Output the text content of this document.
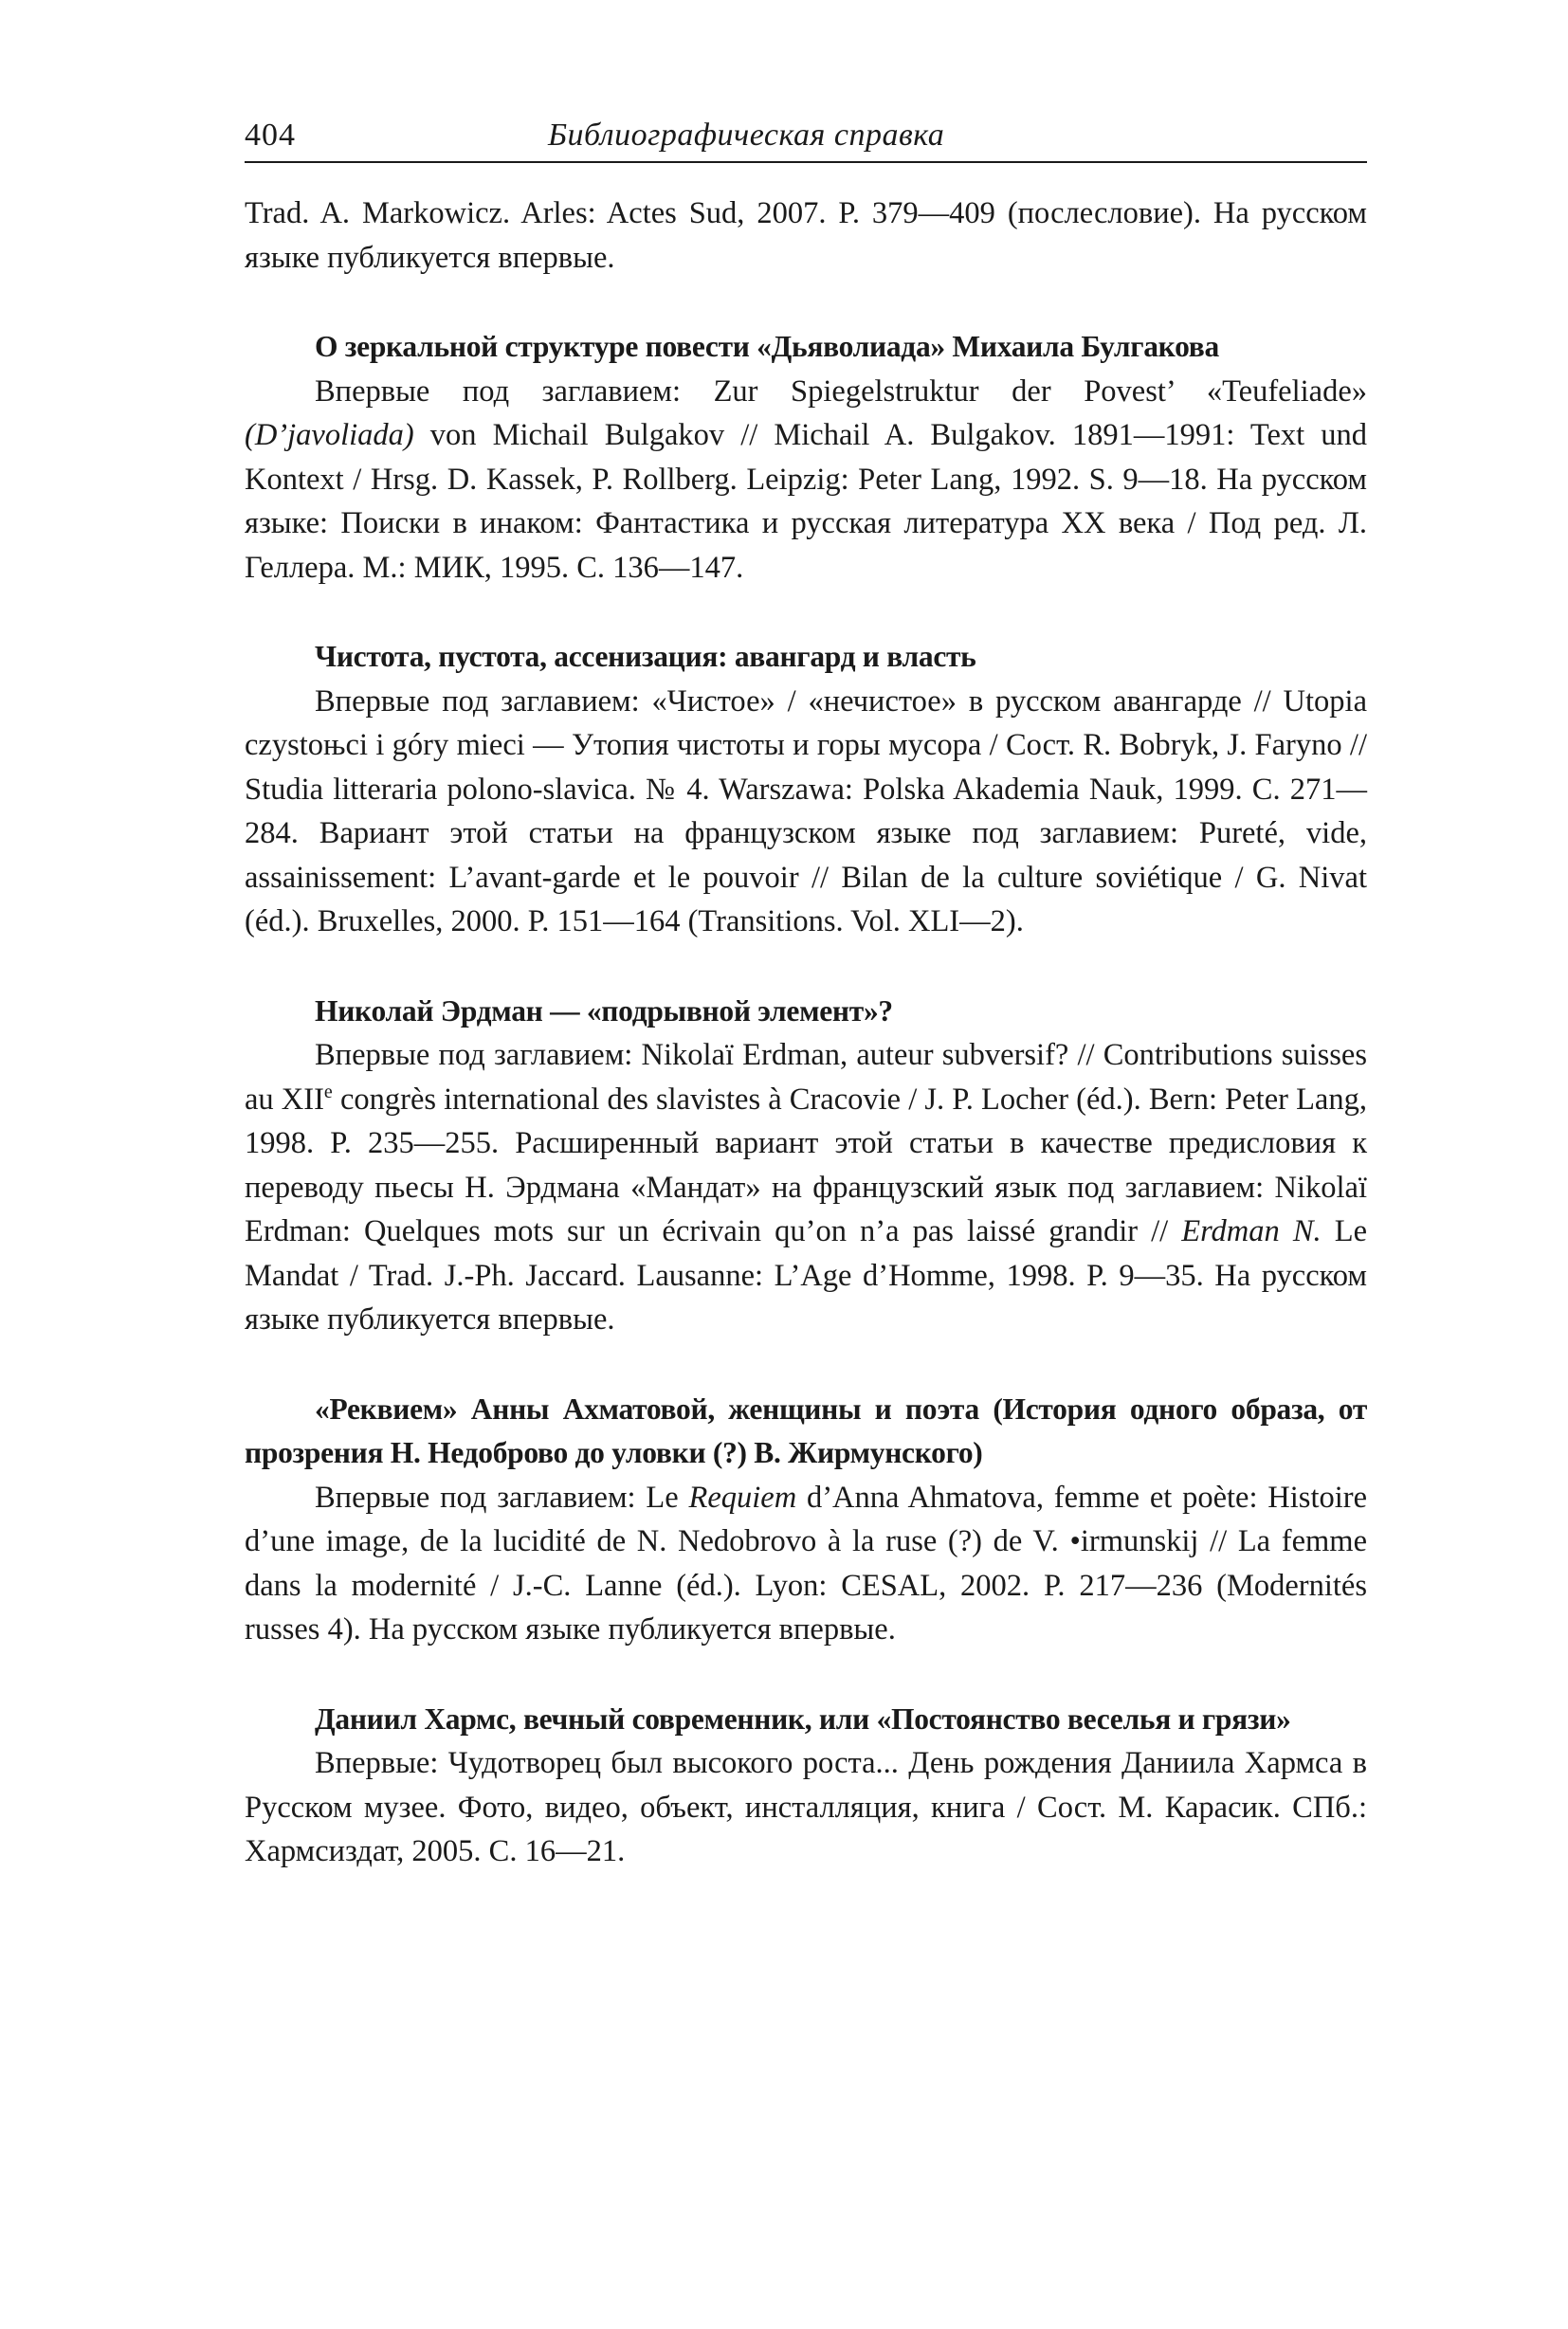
404	Библиографическая справка

Trad. A. Markowicz. Arles: Actes Sud, 2007. P. 379—409 (послесловие). На русском языке публикуется впервые.

О зеркальной структуре повести «Дьяволиада» Михаила Булгакова

Впервые под заглавием: Zur Spiegelstruktur der Povest’ «Teufeliade» (D’javoliada) von Michail Bulgakov // Michail A. Bulgakov. 1891—1991: Text und Kontext / Hrsg. D. Kassek, P. Rollberg. Leipzig: Peter Lang, 1992. S. 9—18. На русском языке: Поиски в инаком: Фантастика и русская литература XX века / Под ред. Л. Геллера. М.: МИК, 1995. С. 136—147.

Чистота, пустота, ассенизация: авангард и власть

Впервые под заглавием: «Чистое» / «нечистое» в русском авангарде // Utopia czystoњci i góry mieci — Утопия чистоты и горы мусора / Сост. R. Bobryk, J. Faryno // Studia litteraria polono-slavica. № 4. Warszawa: Polska Akademia Nauk, 1999. С. 271—284. Вариант этой статьи на французском языке под заглавием: Pureté, vide, assainissement: L’avant-garde et le pouvoir // Bilan de la culture soviétique / G. Nivat (éd.). Bruxelles, 2000. P. 151—164 (Transitions. Vol. XLI—2).

Николай Эрдман — «подрывной элемент»?

Впервые под заглавием: Nikolaï Erdman, auteur subversif? // Contributions suisses au XIIe congrès international des slavistes à Cracovie / J. P. Locher (éd.). Bern: Peter Lang, 1998. P. 235—255. Расширенный вариант этой статьи в качестве предисловия к переводу пьесы Н. Эрдмана «Мандат» на французский язык под заглавием: Nikolaï Erdman: Quelques mots sur un écrivain qu’on n’a pas laissé grandir // Erdman N. Le Mandat / Trad. J.-Ph. Jaccard. Lausanne: L’Age d’Homme, 1998. P. 9—35. На русском языке публикуется впервые.

«Реквием» Анны Ахматовой, женщины и поэта (История одного образа, от прозрения Н. Недоброво до уловки (?) В. Жирмунского)

Впервые под заглавием: Le Requiem d’Anna Ahmatova, femme et poète: Histoire d’une image, de la lucidité de N. Nedobrovo à la ruse (?) de V. •irmunskij // La femme dans la modernité / J.-C. Lanne (éd.). Lyon: CESAL, 2002. P. 217—236 (Modernités russes 4). На русском языке публикуется впервые.

Даниил Хармс, вечный современник, или «Постоянство веселья и грязи»

Впервые: Чудотворец был высокого роста... День рождения Даниила Хармса в Русском музее. Фото, видео, объект, инсталляция, книга / Сост. М. Карасик. СПб.: Хармсиздат, 2005. С. 16—21.
